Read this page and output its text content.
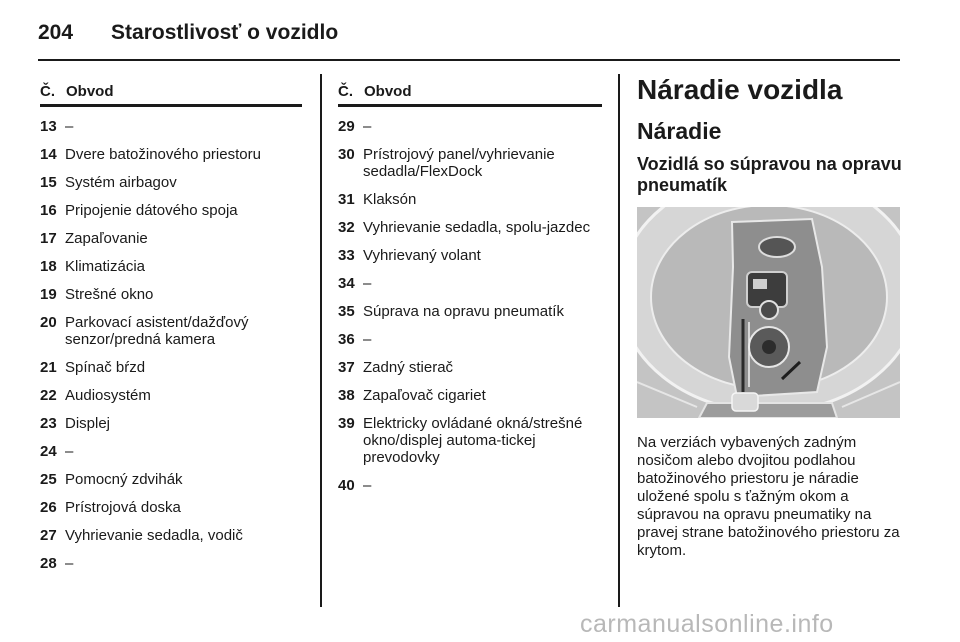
204 Starostlivosť o vozidlo
Č. Obvod
13 –
14 Dvere batožinového priestoru
15 Systém airbagov
16 Pripojenie dátového spoja
17 Zapaľovanie
18 Klimatizácia
19 Strešné okno
20 Parkovací asistent/dažďový senzor/predná kamera
21 Spínač bŕzd
22 Audiosystém
23 Displej
24 –
25 Pomocný zdvihák
26 Prístrojová doska
27 Vyhrievanie sedadla, vodič
28 –
Č. Obvod
29 –
30 Prístrojový panel/vyhrievanie sedadla/FlexDock
31 Klaksón
32 Vyhrievanie sedadla, spolu-jazdec
33 Vyhrievaný volant
34 –
35 Súprava na opravu pneumatík
36 –
37 Zadný stierač
38 Zapaľovač cigariet
39 Elektricky ovládané okná/strešné okno/displej automa-tickej prevodovky
40 –
Náradie vozidla
Náradie
Vozidlá so súpravou na opravu pneumatík
Na verziách vybavených zadným nosičom alebo dvojitou podlahou batožinového priestoru je náradie uložené spolu s ťažným okom a súpravou na opravu pneumatiky na pravej strane batožinového priestoru za krytom.
carmanualsonline.info
